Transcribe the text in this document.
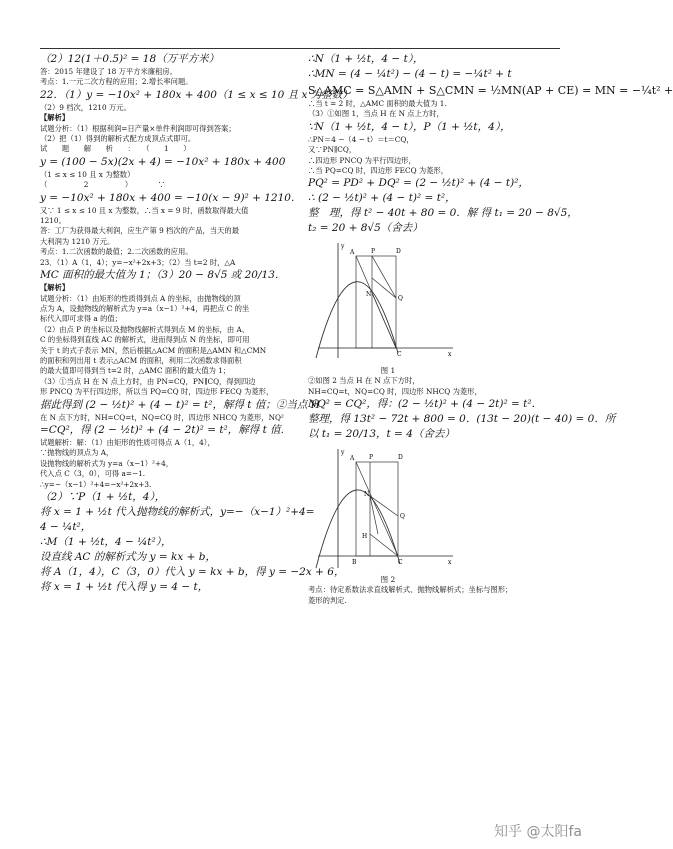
（2）12(1＋0.5)² = 18（万平方米）
答：2015 年建设了 18 万平方米廉租房。
考点：1.一元二次方程的应用；2.增长率问题。
22．（1）y = −10x² + 180x + 400（1 ≤ x ≤ 10 且 x 为整数）
（2）9 档次，1210 万元。
【解析】
试题分析：（1）根据利润=日产量×单件利润即可得到答案；
（2）把（1）得到的解析式配方成顶点式即可。
试　　题　　解　　析　　：　　（　　1　　）
y = (100 − 5x)(2x + 4) = −10x² + 180x + 400
（1 ≤ x ≤ 10 且 x 为整数）
（　　　　　2　　　　　）　　　　∵
y = −10x² + 180x + 400 = −10(x − 9)² + 1210.
又∵ 1 ≤ x ≤ 10 且 x 为整数，∴当 x = 9 时，函数取得最大值
1210。
答：工厂为获得最大利润，应生产第 9 档次的产品，当天的最
大利润为 1210 万元。
考点：1.二次函数的最值；2.二次函数的应用。
23．（1）A（1，4）；y=−x²+2x+3；（2）当 t=2 时，△A
MC 面积的最大值为 1；（3）20 − 8√5 或 20/13．
【解析】
试题分析：（1）由矩形的性质得到点 A 的坐标，由抛物线的顶
点为 A，设抛物线的解析式为 y=a（x−1）²+4，再把点 C 的坐
标代入即可求得 a 的值；
（2）由点 P 的坐标以及抛物线解析式得到点 M 的坐标，由 A、
C 的坐标得到直线 AC 的解析式，进而得到点 N 的坐标，即可用
关于 t 的式子表示 MN，然后根据△ACM 的面积是△AMN 和△CMN
的面积和列出用 t 表示△ACM 的面积，利用二次函数求得面积
的最大值即可得到当 t=2 时，△AMC 面积的最大值为 1；
（3）①当点 H 在 N 点上方时，由 PN=CQ，PN∥CQ，得到四边
形 PNCQ 为平行四边形，所以当 PQ=CQ 时，四边形 FECQ 为菱形，
据此得到 (2 − ½t)² + (4 − t)² = t²，解得 t 值；②当点 H
在 N 点下方时，NH=CQ=t，NQ=CQ 时，四边形 NHCQ 为菱形，NQ²
=CQ²，得 (2 − ½t)² + (4 − 2t)² = t²，解得 t 值.
试题解析：解：（1）由矩形的性质可得点 A（1，4），
∵抛物线的顶点为 A，
设抛物线的解析式为 y=a（x−1）²+4，
代入点 C（3，0），可得 a=−1.
∴y=−（x−1）²+4=−x²+2x+3.
（2）∵P（1 + ½t，4），
将 x = 1 + ½t 代入抛物线的解析式，y=−（x−1）²+4=
4 − ¼t²，
∴M（1 + ½t，4 − ¼t²），
设直线 AC 的解析式为 y = kx + b，
将 A（1，4），C（3，0）代入 y = kx + b，得 y = −2x + 6，
将 x = 1 + ½t 代入得 y = 4 − t，
∴N（1 + ½t，4 − t），
∴MN = (4 − ¼t²) − (4 − t) = −¼t² + t
S△AMC = S△AMN + S△CMN = ½MN(AP + CE) = MN = −¼t² +
∴当 t = 2 时，△AMC 面积的最大值为 1.
（3）①如图 1，当点 H 在 N 点上方时，
∵N（1 + ½t，4 − t），P（1 + ½t，4），
∴PN＝4 −（4 − t）＝t＝CQ，
又∵PN∥CQ，
∴四边形 PNCQ 为平行四边形，
∴当 PQ=CQ 时，四边形 FECQ 为菱形，
PQ² = PD² + DQ² = (2 − ½t)² + (4 − t)²，
∴ (2 − ½t)² + (4 − t)² = t²，
整　理，得 t² − 40t + 80 = 0．解 得 t₁ = 20 − 8√5，
t₂ = 20 + 8√5（舍去）
A	P	D
N
Q
C	x
y
图 1
②如图 2 当点 H 在 N 点下方时，
NH=CQ=t，NQ=CQ 时，四边形 NHCQ 为菱形，
NQ² = CQ²，得：(2 − ½t)² + (4 − 2t)² = t²．
整理，得 13t² − 72t + 800 = 0．(13t − 20)(t − 40) = 0．所
以 t₁ = 20/13，t = 4（舍去）
A P	D
N
Q
H
B	C	x
y
图 2
考点：待定系数法求直线解析式、抛物线解析式；坐标与图形；
菱形的判定.
知乎 @太阳fa
